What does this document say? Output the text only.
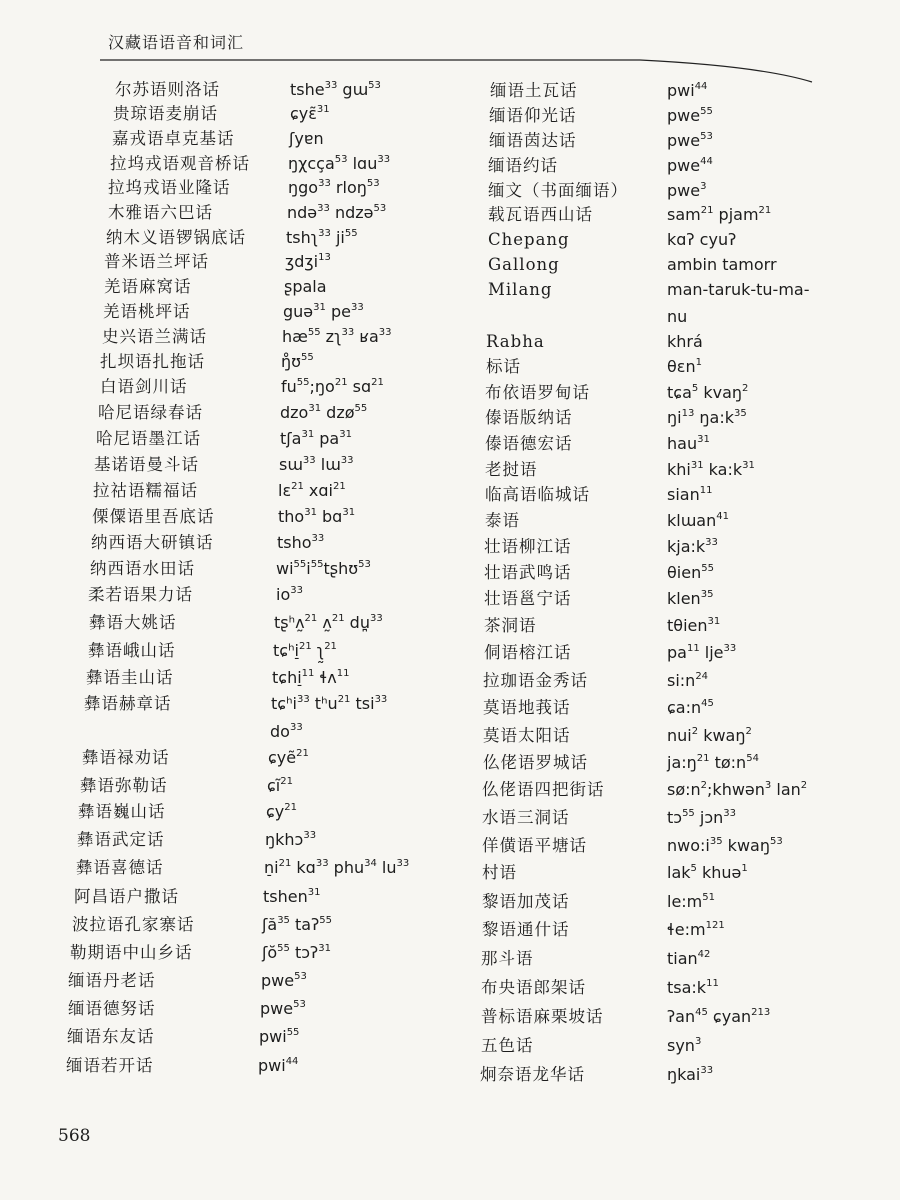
汉藏语语音和词汇
尔苏语则洛话	tshe$^{33}$ gɯ$^{53}$
贵琼语麦崩话	ɕyɛ̃$^{31}$
嘉戎语卓克基话	ʃyɐn
拉坞戎语观音桥话 ŋχcça$^{53}$ lɑu$^{33}$
拉坞戎语业隆话	ŋgo$^{33}$ rloŋ$^{53}$
木雅语六巴话	ndə$^{33}$ ndzə$^{53}$
纳木义语锣锅底话	tshʅ$^{33}$ $ji^{55}$
普米语兰坪话	ʒdʒi$^{13}$
羌语麻窝话	ʂpala
羌语桃坪话	guə$^{31}$ $pe^{33}$
史兴语兰满话	$hæ^{55}$ zʅ$^{33}$ ʁa$^{33}$
扎坝语扎拖话	ŋ̊ʊ$^{55}$
白语剑川话	$fu^{55};ŋo^{21}$ sɑ$^{21}$
哈尼语绿春话	dzo$^{31}$ dzø$^{55}$
哈尼语墨江话	tʃa$^{31}$ $pa^{31}$
基诺语曼斗话	sɯ$^{33}$ lɯ$^{33}$
拉祜语糯福话	lɛ$^{21}$ xɑi$^{21}$
傈僳语里吾底话	tho$^{31}$ bɑ$^{31}$
纳西语大研镇话	tsho$^{33}$
纳西语水田话	$wi^{55}i^{55}tʂhʊ^{53}$
柔若语果力话	$io^{33}$
彝语大姚话	tʂʰʌ̰$^{21}$ ʌ̰$^{21}$ du̪$^{33}$
彝语峨山话	tɕʰi̠$^{21}$ ʅ̰$^{21}$
彝语圭山话	tɕhi̠$^{11}$ ɬʌ$^{11}$
彝语赫章话	tɕʰi$^{33}$ tʰu$^{21}$ tsi$^{33}$
$do^{33}$
彝语禄劝话	ɕyẽ$^{21}$
彝语弥勒话	ɕĩ$^{21}$
彝语巍山话	ɕy$^{21}$
彝语武定话	ŋkhɔ$^{33}$
彝语喜德话	$n̠i^{21}$ kɑ$^{33}$ phu$^{34}$ $lu^{33}$
阿昌语户撒话	tshen$^{31}$
波拉语孔家寨话	ʃă$^{35}$ taʔ$^{55}$
勒期语中山乡话	ʃŏ$^{55}$ tɔʔ$^{31}$
缅语丹老话	pwe$^{53}$
缅语德努话	pwe$^{53}$
缅语东友话	pwi$^{55}$
缅语若开话	pwi$^{44}$
缅语土瓦话	pwi$^{44}$
缅语仰光话	pwe$^{55}$
缅语茵达话	pwe$^{53}$
缅语约话	pwe$^{44}$
缅文（书面缅语） pwe$^3$
载瓦语西山话	sam$^{21}$ pjam$^{21}$
Chepang	kɑʔ cyuʔ
Gallong	ambin tamorr
Milang	man-taruk-tu-ma-
nu
Rabha	khrá
标话	θɛn$^1$
布依语罗甸话	tɕa$^5$ kvaŋ$^2$
傣语版纳话	$ŋi^{13}$ $ŋa:k^{35}$
傣语德宏话	hau$^{31}$
老挝语	khi$^{31}$ $ka:k^{31}$
临高语临城话	sian$^{11}$
泰语	klɯan$^{41}$
壮语柳江话	$kja:k^{33}$
壮语武鸣话	θien$^{55}$
壮语邕宁话	klen$^{35}$
茶洞语	tθien$^{31}$
侗语榕江话	$pa^{11}$ lje$^{33}$
拉珈语金秀话	$si:n^{24}$
莫语地莪话	$ɕa:n^{45}$
莫语太阳话	nui$^2$ kwaŋ$^2$
仫佬语罗城话	$ja:ŋ^{21}$ $tø:n^{54}$
仫佬语四把街话	$sø:n^2;khwən^3$ lan$^2$
水语三洞话	tɔ$^{55}$ jɔn$^{33}$
佯僙语平塘话	$nwo:i^{35}$ kwaŋ$^{53}$
村语	lak$^5$ khuə$^1$
黎语加茂话	$le:m^{51}$
黎语通什话	$ɬe:m^{121}$
那斗语	tian$^{42}$
布央语郎架话	$tsa:k^{11}$
普标语麻栗坡话	ʔan$^{45}$ ɕyan$^{213}$
五色话	syn$^3$
炯奈语龙华话	ŋkai$^{33}$
568
